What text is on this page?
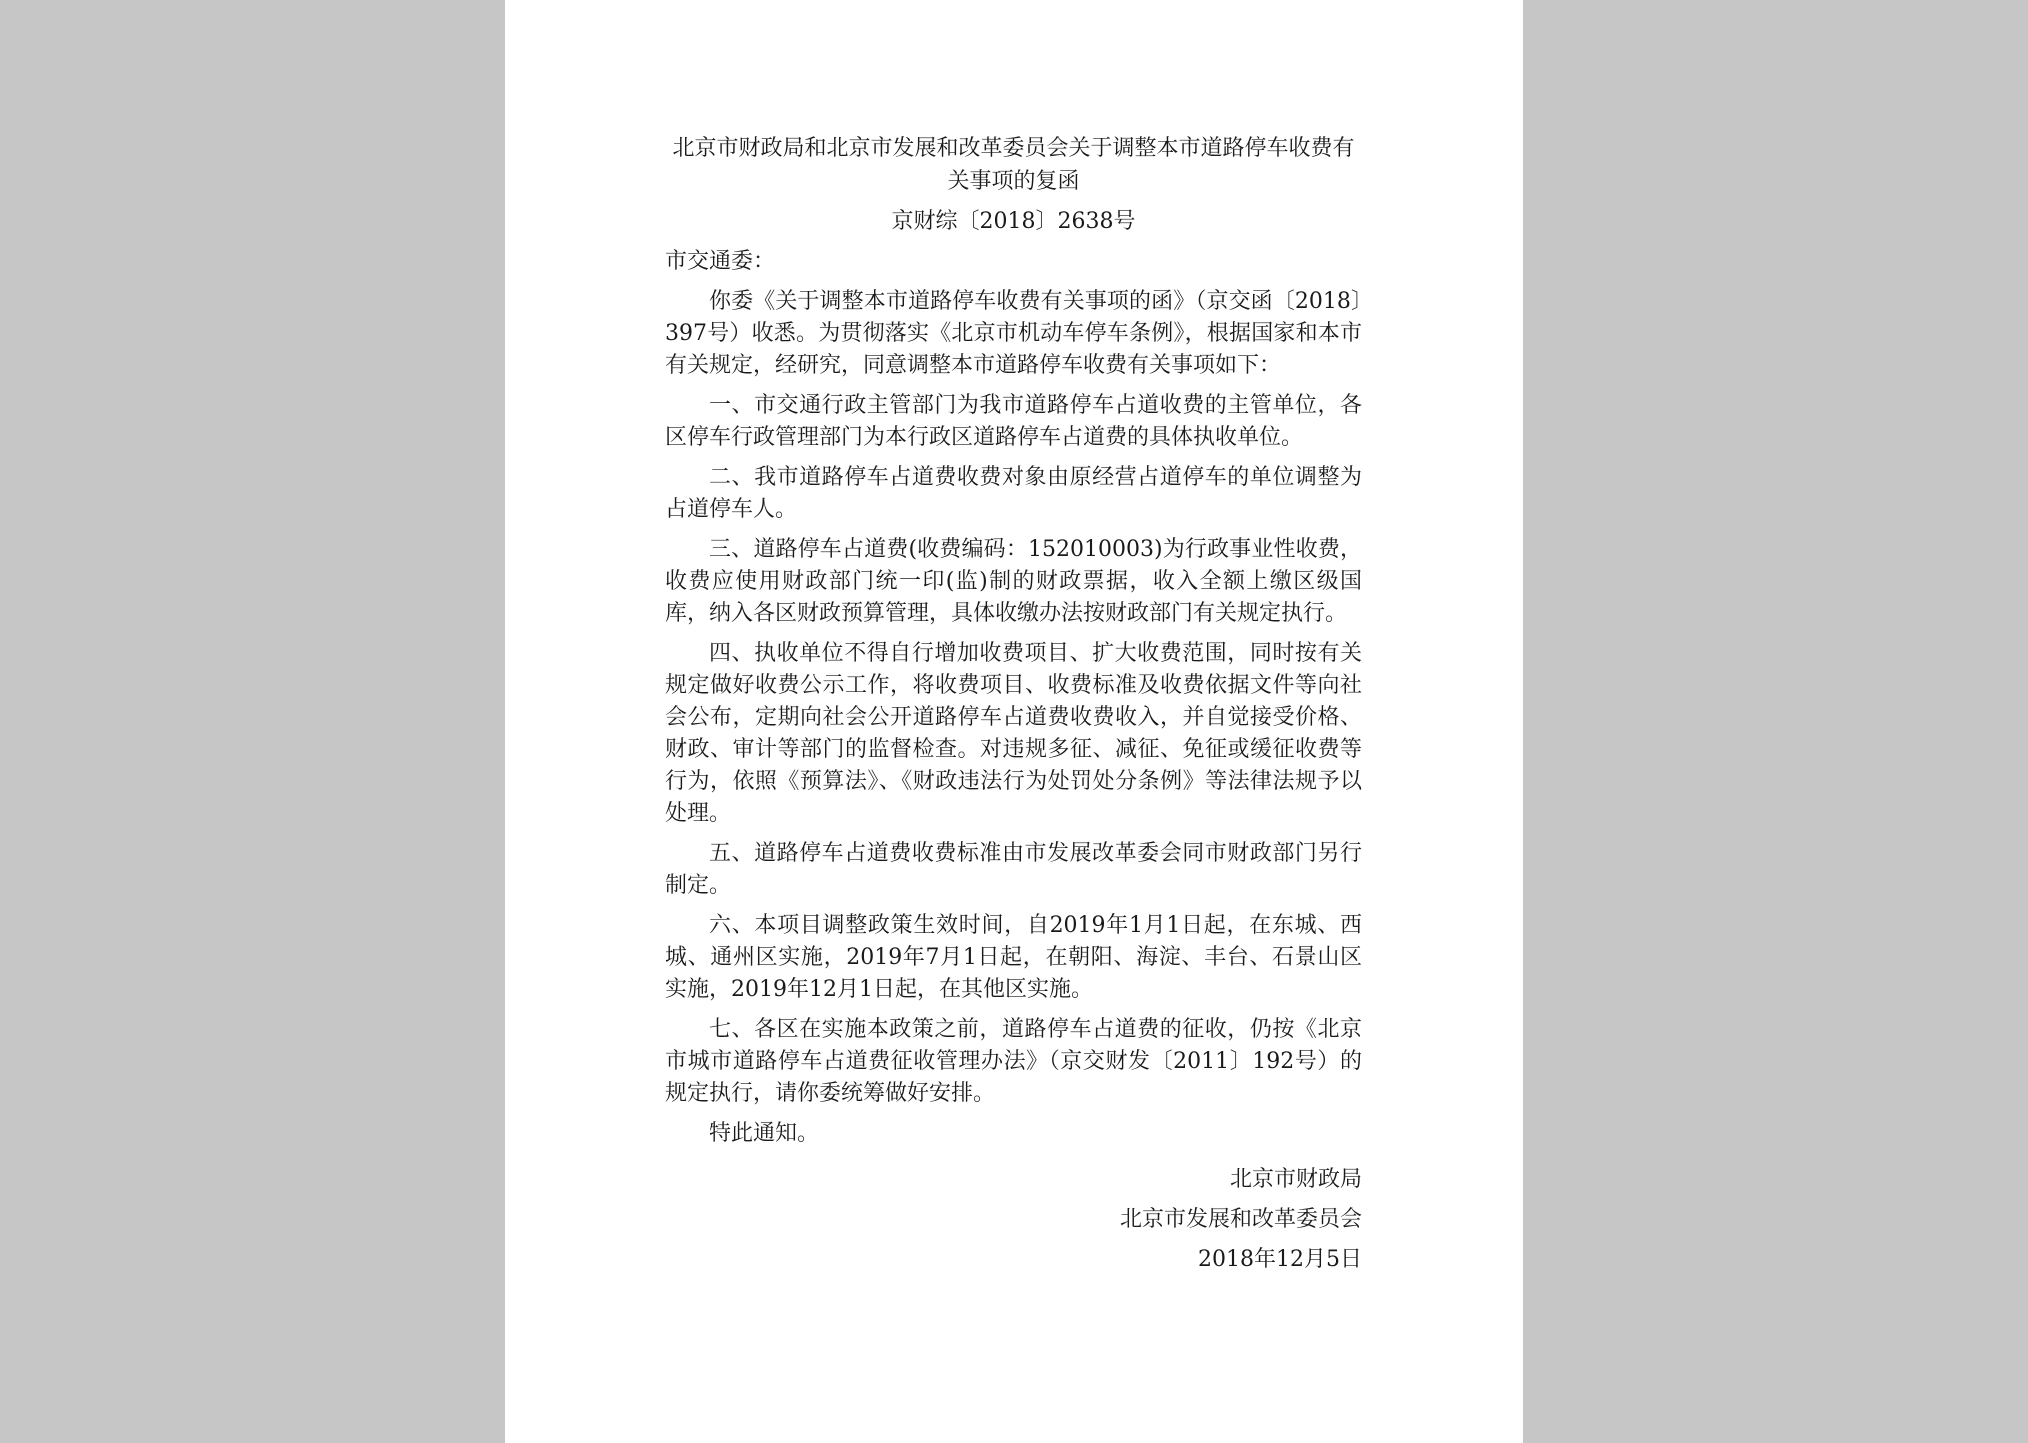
北京市财政局和北京市发展和改革委员会关于调整本市道路停车收费有关事项的复函
京财综〔2018〕2638号
市交通委：

你委《关于调整本市道路停车收费有关事项的函》（京交函〔2018〕397号）收悉。为贯彻落实《北京市机动车停车条例》，根据国家和本市有关规定，经研究，同意调整本市道路停车收费有关事项如下：

一、市交通行政主管部门为我市道路停车占道收费的主管单位，各区停车行政管理部门为本行政区道路停车占道费的具体执收单位。

二、我市道路停车占道费收费对象由原经营占道停车的单位调整为占道停车人。

三、道路停车占道费(收费编码：152010003)为行政事业性收费，收费应使用财政部门统一印(监)制的财政票据，收入全额上缴区级国库，纳入各区财政预算管理，具体收缴办法按财政部门有关规定执行。

四、执收单位不得自行增加收费项目、扩大收费范围，同时按有关规定做好收费公示工作，将收费项目、收费标准及收费依据文件等向社会公布，定期向社会公开道路停车占道费收费收入，并自觉接受价格、财政、审计等部门的监督检查。对违规多征、减征、免征或缓征收费等行为，依照《预算法》、《财政违法行为处罚处分条例》等法律法规予以处理。

五、道路停车占道费收费标准由市发展改革委会同市财政部门另行制定。

六、本项目调整政策生效时间，自2019年1月1日起，在东城、西城、通州区实施，2019年7月1日起，在朝阳、海淀、丰台、石景山区实施，2019年12月1日起，在其他区实施。

七、各区在实施本政策之前，道路停车占道费的征收，仍按《北京市城市道路停车占道费征收管理办法》（京交财发〔2011〕192号）的规定执行，请你委统筹做好安排。

特此通知。

北京市财政局

北京市发展和改革委员会

2018年12月5日
